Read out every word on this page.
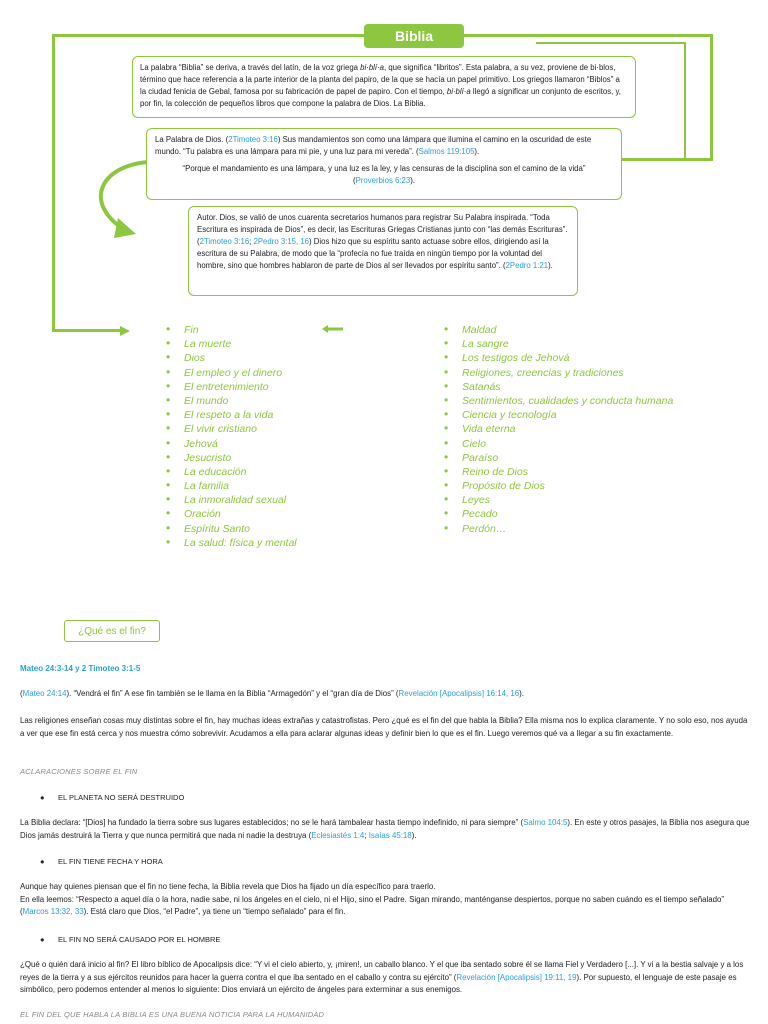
Biblia
La palabra “Biblia” se deriva, a través del latín, de la voz griega bi·blí·a, que significa “libritos”. Esta palabra, a su vez, proviene de bi·blos, término que hace referencia a la parte interior de la planta del papiro, de la que se hacía un papel primitivo. Los griegos llamaron “Biblos” a la ciudad fenicia de Gebal, famosa por su fabricación de papel de papiro. Con el tiempo, bi·blí·a llegó a significar un conjunto de escritos, y, por fin, la colección de pequeños libros que compone la palabra de Dios. La Biblia.
La Palabra de Dios. (2Timoteo 3:16) Sus mandamientos son como una lámpara que ilumina el camino en la oscuridad de este mundo. “Tu palabra es una lámpara para mi pie, y una luz para mi vereda”. (Salmos 119:105).
“Porque el mandamiento es una lámpara, y una luz es la ley, y las censuras de la disciplina son el camino de la vida”
(Proverbios 6:23).
Autor. Dios, se valió de unos cuarenta secretarios humanos para registrar Su Palabra inspirada. “Toda Escritura es inspirada de Dios”, es decir, las Escrituras Griegas Cristianas junto con “las demás Escrituras”. (2Timoteo 3:16; 2Pedro 3:15, 16) Dios hizo que su espíritu santo actuase sobre ellos, dirigiendo así la escritura de su Palabra, de modo que la “profecía no fue traída en ningún tiempo por la voluntad del hombre, sino que hombres hablaron de parte de Dios al ser llevados por espíritu santo”. (2Pedro 1:21).
• Fin
• La muerte
• Dios
• El empleo y el dinero
• El entretenimiento
• El mundo
• El respeto a la vida
• El vivir cristiano
• Jehová
• Jesucristo
• La educación
• La familia
• La inmoralidad sexual
• Oración
• Espíritu Santo
• La salud: física y mental
• Maldad
• La sangre
• Los testigos de Jehová
• Religiones, creencias y tradiciones
• Satanás
• Sentimientos, cualidades y conducta humana
• Ciencia y tecnología
• Vida eterna
• Cielo
• Paraíso
• Reino de Dios
• Propósito de Dios
• Leyes
• Pecado
• Perdón…
¿Qué es el fin?
Mateo 24:3-14 y 2 Timoteo 3:1-5
(Mateo 24:14). “Vendrá el fin” A ese fin también se le llama en la Biblia “Armagedón” y el “gran día de Dios” (Revelación [Apocalipsis] 16:14, 16).
Las religiones enseñan cosas muy distintas sobre el fin, hay muchas ideas extrañas y catastrofistas. Pero ¿qué es el fin del que habla la Biblia? Ella misma nos lo explica claramente. Y no solo eso, nos ayuda a ver que ese fin está cerca y nos muestra cómo sobrevivir. Acudamos a ella para aclarar algunas ideas y definir bien lo que es el fin. Luego veremos qué va a llegar a su fin exactamente.
ACLARACIONES SOBRE EL FIN
● EL PLANETA NO SERÁ DESTRUIDO
La Biblia declara: “[Dios] ha fundado la tierra sobre sus lugares establecidos; no se le hará tambalear hasta tiempo indefinido, ni para siempre” (Salmo 104:5). En este y otros pasajes, la Biblia nos asegura que Dios jamás destruirá la Tierra y que nunca permitirá que nada ni nadie la destruya (Eclesiastés 1:4; Isaías 45:18).
● EL FIN TIENE FECHA Y HORA
Aunque hay quienes piensan que el fin no tiene fecha, la Biblia revela que Dios ha fijado un día específico para traerlo.
En ella leemos: “Respecto a aquel día o la hora, nadie sabe, ni los ángeles en el cielo, ni el Hijo, sino el Padre. Sigan mirando, manténganse despiertos, porque no saben cuándo es el tiempo señalado” (Marcos 13:32, 33). Está claro que Dios, “el Padre”, ya tiene un “tiempo señalado” para el fin.
● EL FIN NO SERÁ CAUSADO POR EL HOMBRE
¿Qué o quién dará inicio al fin? El libro bíblico de Apocalipsis dice: “Y vi el cielo abierto, y, ¡miren!, un caballo blanco. Y el que iba sentado sobre él se llama Fiel y Verdadero [...]. Y vi a la bestia salvaje y a los reyes de la tierra y a sus ejércitos reunidos para hacer la guerra contra el que iba sentado en el caballo y contra su ejército” (Revelación [Apocalipsis] 19:11, 19). Por supuesto, el lenguaje de este pasaje es simbólico, pero podemos entender al menos lo siguiente: Dios enviará un ejército de ángeles para exterminar a sus enemigos.
EL FIN DEL QUE HABLA LA BIBLIA ES UNA BUENA NOTICIA PARA LA HUMANIDAD
